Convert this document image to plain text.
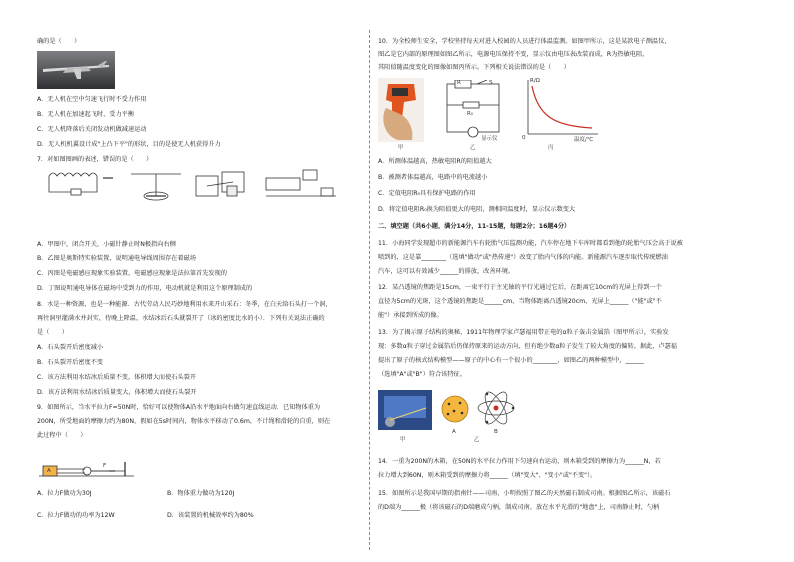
确的是（　　）
A．无人机在空中匀速飞行时不受力作用
B．无人机在加速起飞时，受力平衡
C．无人机降落后关闭发动机做减速运动
D．无人机机翼设计成"上凸下平"的形状，目的是使无人机获得升力
7．对如图图画的表述，错误的是（　　）
A．甲图中，闭合开关，小磁针静止时N极指向右侧
B．乙图是奥斯特实验装置，说明通电导线周围存在着磁场
C．丙图是电磁感应现象实验装置，电磁感应现象是法拉第首先发现的
D．丁图说明通电导体在磁场中受到力的作用，电动机就是利用这个原理制成的
8．水是一种资源，也是一种能源．古代劳动人民巧妙地利用水来开山采石：冬季，在白天给石头打一个洞，
再往洞里灌满水并封实，待晚上降温，水结冰后石头就裂开了（冰的密度比水的小）．下列有关说法正确的
是（　　）
A．石头裂开后密度减小
B．石头裂开后密度不变
C．该方法利用水结冰后质量不变，体积增大而使石头裂开
D．该方法利用水结冰后质量变大，体积增大而使石头裂开
9．如图所示，当水平拉力F=50N时，恰好可以使物体A沿水平地面向右做匀速直线运动．已知物体重为
200N，所受地面的摩擦力约为80N，假如在5s时间内，物体水平移动了0.6m，不计绳和滑轮的自重，则在
此过程中（　　）
A
F
A．拉力F做功为30J	B．物体重力做功为120J
C．拉力F做功的功率为12W	D．该装置的机械效率约为80%
10．为全校师生安全，学校坚持每天对进入校园的人员进行体温监测。如图甲所示，这是某款电子测温仪，
图乙是它内部的原理图如图乙所示，电源电压保持不变，显示仪由电压表改装而成，R为热敏电阻，
其阻值随温度变化的图像如图丙所示。下列相关说法错误的是（　　）
甲
R	S
R₀
显示仪
乙
R/Ω
0	温度/℃
丙
A．所测体温越高，热敏电阻R的阻值越大
B．被测者体温越高，电路中的电流越小
C．定值电阻R₀具有保护电路的作用
D．将定值电阻R₀换为阻值更大的电阻，测相同温度时，显示仪示数变大
二、填空题（共6小题，满分14分，11-15题，每题2分；16题4分）
11．小海同学发现超市的新能源汽车有轮胎气压监测功能，汽车停在地下车库时都看到他的轮胎气压会高于说被
喷到的，这是靠________（选填"做功"或"热传递"）改变了胎内气体的内能。新能源汽车逐步取代传统燃油
汽车，这可以有效减少______的排放，改善环境。
12．某凸透镜的焦距是15cm，一束平行于主光轴的平行光通过它后，在距离它10cm的光屏上得到一个
直径为5cm的光斑，这个透镜的焦距是______cm，当物体距离凸透镜20cm，光屏上______（"能"或"不
能"）承接到所成的像。
13．为了揭示原子结构的奥秘，1911年物理学家卢瑟福用带正电的α粒子轰击金属箔（图甲所示），实验发
现：多数α粒子穿过金属箔后仍保持原来的运动方向，但有绝少数α粒子发生了较大角度的偏转。据此，卢瑟福
提出了原子的核式结构模型——原子的中心有一个很小的________，如图乙的两种模型中，______
（选填"A"或"B"）符合该特征。
甲
A	B
乙
14．一重为200N的木箱，在50N的水平拉力作用下匀速向右运动，则木箱受到的摩擦力为______N，若
拉力增大到60N，则木箱受到的摩擦力将______（填"变大"、"变小"或"不变"）。
15．如图所示是我国早期的指南针——司南，小明按照了图乙的天然磁石制成司南。根据图乙所示，该磁石
的D端为______极（将该磁石的D端磨成勺柄，制成司南，放在水平光滑的"地盘"上，司南静止时，勺柄
